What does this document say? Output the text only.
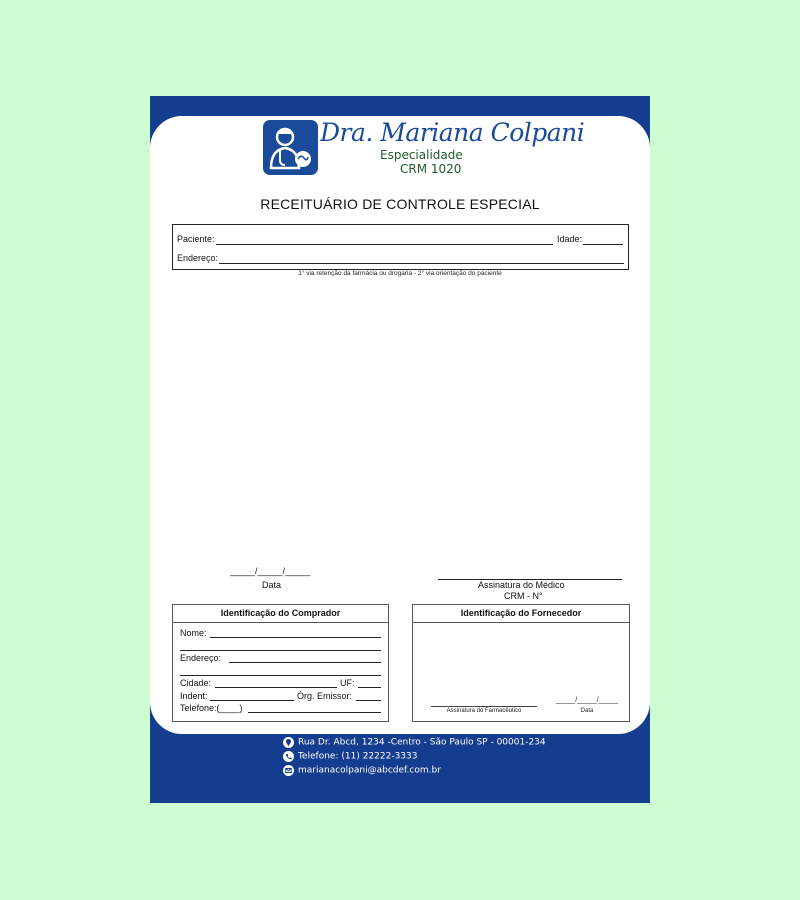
Dra. Mariana Colpani
Especialidade
CRM 1020
RECEITUÁRIO DE CONTROLE ESPECIAL
Paciente:	Idade:
Endereço:
1° via retenção da farmácia ou drogaria - 2° via orientação do paciente
_____/_____/_____
Data	Assinatura do Médico
CRM - N°
Identificação do Comprador
Nome:
Endereço:
Cidade:	UF:
Indent:	Órg. Emissor:
Telefone:(____)
Identificação do Fornecedor
Assinatura do Farmacêutico
_____/_____/_____
Data
Rua Dr. Abcd, 1234 -Centro - São Paulo SP - 00001-234
Telefone: (11) 22222-3333
marianacolpani@abcdef.com.br
